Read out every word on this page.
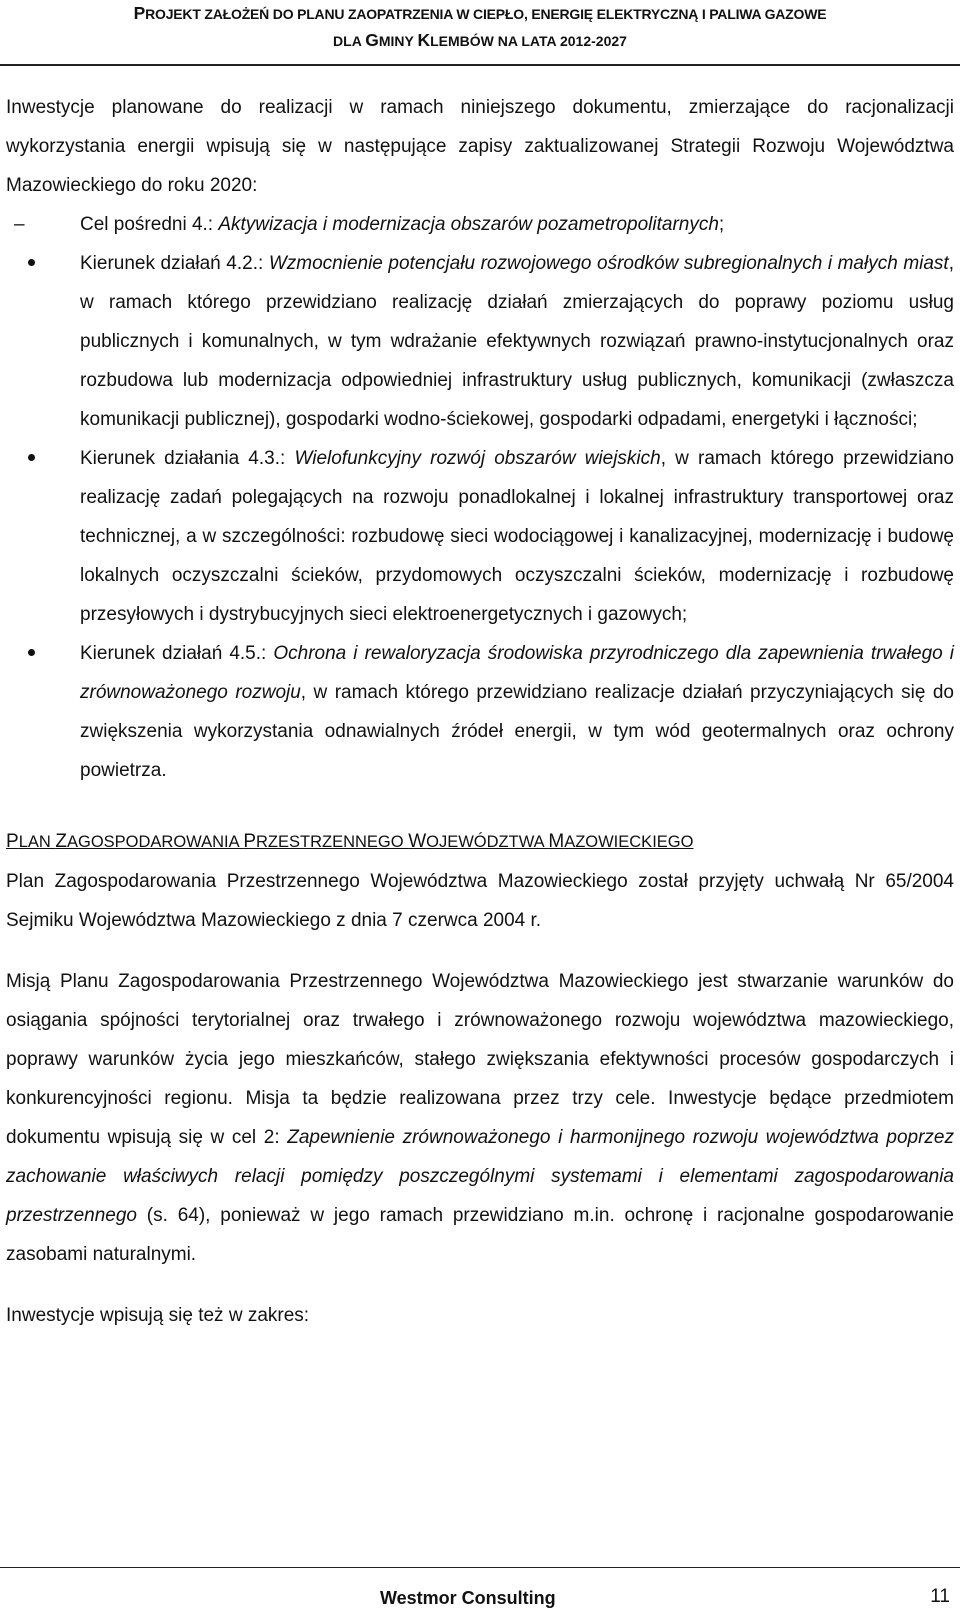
PROJEKT ZAŁOŻEŃ DO PLANU ZAOPATRZENIA W CIEPŁO, ENERGIĘ ELEKTRYCZNĄ I PALIWA GAZOWE
DLA GMINY KLEMBÓW NA LATA 2012-2027

Inwestycje planowane do realizacji w ramach niniejszego dokumentu, zmierzające do racjonalizacji wykorzystania energii wpisują się w następujące zapisy zaktualizowanej Strategii Rozwoju Województwa Mazowieckiego do roku 2020:

–	Cel pośredni 4.: Aktywizacja i modernizacja obszarów pozametropolitarnych;

Kierunek działań 4.2.: Wzmocnienie potencjału rozwojowego ośrodków subregionalnych i małych miast, w ramach którego przewidziano realizację działań zmierzających do poprawy poziomu usług publicznych i komunalnych, w tym wdrażanie efektywnych rozwiązań prawno-instytucjonalnych oraz rozbudowa lub modernizacja odpowiedniej infrastruktury usług publicznych, komunikacji (zwłaszcza komunikacji publicznej), gospodarki wodno-ściekowej, gospodarki odpadami, energetyki i łączności;

Kierunek działania 4.3.: Wielofunkcyjny rozwój obszarów wiejskich, w ramach którego przewidziano realizację zadań polegających na rozwoju ponadlokalnej i lokalnej infrastruktury transportowej oraz technicznej, a w szczególności: rozbudowę sieci wodociągowej i kanalizacyjnej, modernizację i budowę lokalnych oczyszczalni ścieków, przydomowych oczyszczalni ścieków, modernizację i rozbudowę przesyłowych i dystrybucyjnych sieci elektroenergetycznych i gazowych;

Kierunek działań 4.5.: Ochrona i rewaloryzacja środowiska przyrodniczego dla zapewnienia trwałego i zrównoważonego rozwoju, w ramach którego przewidziano realizacje działań przyczyniających się do zwiększenia wykorzystania odnawialnych źródeł energii, w tym wód geotermalnych oraz ochrony powietrza.

PLAN ZAGOSPODAROWANIA PRZESTRZENNEGO WOJEWÓDZTWA MAZOWIECKIEGO

Plan Zagospodarowania Przestrzennego Województwa Mazowieckiego został przyjęty uchwałą Nr 65/2004 Sejmiku Województwa Mazowieckiego z dnia 7 czerwca 2004 r.

Misją Planu Zagospodarowania Przestrzennego Województwa Mazowieckiego jest stwarzanie warunków do osiągania spójności terytorialnej oraz trwałego i zrównoważonego rozwoju województwa mazowieckiego, poprawy warunków życia jego mieszkańców, stałego zwiększania efektywności procesów gospodarczych i konkurencyjności regionu. Misja ta będzie realizowana przez trzy cele. Inwestycje będące przedmiotem dokumentu wpisują się w cel 2: Zapewnienie zrównoważonego i harmonijnego rozwoju województwa poprzez zachowanie właściwych relacji pomiędzy poszczególnymi systemami i elementami zagospodarowania przestrzennego (s. 64), ponieważ w jego ramach przewidziano m.in. ochronę i racjonalne gospodarowanie zasobami naturalnymi.

Inwestycje wpisują się też w zakres:

Westmor Consulting	11
